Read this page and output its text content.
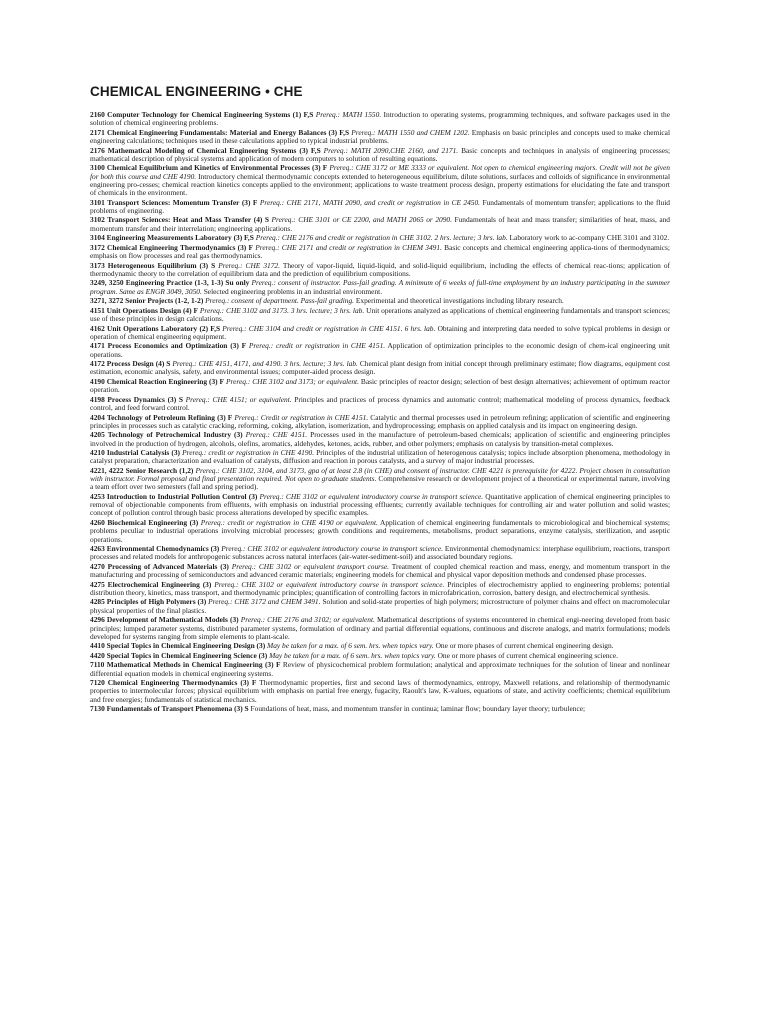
CHEMICAL ENGINEERING • CHE

2160 Computer Technology for Chemical Engineering Systems (1) F,S Prereq.: MATH 1550. Introduction to operating systems, programming techniques, and software packages used in the solution of chemical engineering problems.

2171 Chemical Engineering Fundamentals: Material and Energy Balances (3) F,S Prereq.: MATH 1550 and CHEM 1202. Emphasis on basic principles and concepts used to make chemical engineering calculations; techniques used in these calculations applied to typical industrial problems.

2176 Mathematical Modeling of Chemical Engineering Systems (3) F,S Prereq.: MATH 2090,CHE 2160, and 2171. Basic concepts and techniques in analysis of engineering processes; mathematical description of physical systems and application of modern computers to solution of resulting equations.

3100 Chemical Equilibrium and Kinetics of Environmental Processes (3) F Prereq.: CHE 3172 or ME 3333 or equivalent. Not open to chemical engineering majors. Credit will not be given for both this course and CHE 4190. Introductory chemical thermodynamic concepts extended to heterogeneous equilibrium, dilute solutions, surfaces and colloids of significance in environmental engineering pro-cesses; chemical reaction kinetics concepts applied to the environment; applications to waste treatment process design, property estimations for elucidating the fate and transport of chemicals in the environment.

3101 Transport Sciences: Momentum Transfer (3) F Prereq.: CHE 2171, MATH 2090, and credit or registration in CE 2450. Fundamentals of momentum transfer; applications to the fluid problems of engineering.

3102 Transport Sciences: Heat and Mass Transfer (4) S Prereq.: CHE 3101 or CE 2200, and MATH 2065 or 2090. Fundamentals of heat and mass transfer; similarities of heat, mass, and momentum transfer and their interrelation; engineering applications.

3104 Engineering Measurements Laboratory (3) F,S Prereq.: CHE 2176 and credit or registration in CHE 3102. 2 hrs. lecture; 3 hrs. lab. Laboratory work to ac-company CHE 3101 and 3102.

3172 Chemical Engineering Thermodynamics (3) F Prereq.: CHE 2171 and credit or registration in CHEM 3491. Basic concepts and chemical engineering applica-tions of thermodynamics; emphasis on flow processes and real gas thermodynamics.

3173 Heterogeneous Equilibrium (3) S Prereq.: CHE 3172. Theory of vapor-liquid, liquid-liquid, and solid-liquid equilibrium, including the effects of chemical reac-tions; application of thermodynamic theory to the correlation of equilibrium data and the prediction of equilibrium compositions.

3249, 3250 Engineering Practice (1-3, 1-3) Su only Prereq.: consent of instructor. Pass-fail grading. A minimum of 6 weeks of full-time employment by an industry participating in the summer program. Same as ENGR 3049, 3050. Selected engineering problems in an industrial environment.

3271, 3272 Senior Projects (1-2, 1-2) Prereq.: consent of department. Pass-fail grading. Experimental and theoretical investigations including library research.

4151 Unit Operations Design (4) F Prereq.: CHE 3102 and 3173. 3 hrs. lecture; 3 hrs. lab. Unit operations analyzed as applications of chemical engineering fundamentals and transport sciences; use of these principles in design calculations.

4162 Unit Operations Laboratory (2) F,S Prereq.: CHE 3104 and credit or registration in CHE 4151. 6 hrs. lab. Obtaining and interpreting data needed to solve typical problems in design or operation of chemical engineering equipment.

4171 Process Economics and Optimization (3) F Prereq.: credit or registration in CHE 4151. Application of optimization principles to the economic design of chem-ical engineering unit operations.

4172 Process Design (4) S Prereq.: CHE 4151, 4171, and 4190. 3 hrs. lecture; 3 hrs. lab. Chemical plant design from initial concept through preliminary estimate; flow diagrams, equipment cost estimation, economic analysis, safety, and environmental issues; computer-aided process design.

4190 Chemical Reaction Engineering (3) F Prereq.: CHE 3102 and 3173; or equivalent. Basic principles of reactor design; selection of best design alternatives; achievement of optimum reactor operation.

4198 Process Dynamics (3) S Prereq.: CHE 4151; or equivalent. Principles and practices of process dynamics and automatic control; mathematical modeling of process dynamics, feedback control, and feed forward control.

4204 Technology of Petroleum Refining (3) F Prereq.: Credit or registration in CHE 4151. Catalytic and thermal processes used in petroleum refining; application of scientific and engineering principles in processes such as catalytic cracking, reforming, coking, alkylation, isomerization, and hydroprocessing; emphasis on applied catalysis and its impact on engineering design.

4205 Technology of Petrochemical Industry (3) Prereq.: CHE 4151. Processes used in the manufacture of petroleum-based chemicals; application of scientific and engineering principles involved in the production of hydrogen, alcohols, olefins, aromatics, aldehydes, ketones, acids, rubber, and other polymers; emphasis on catalysis by transition-metal complexes.

4210 Industrial Catalysis (3) Prereq.: credit or registration in CHE 4190. Principles of the industrial utilization of heterogenous catalysis; topics include absorption phenomena, methodology in catalyst preparation, characterization and evaluation of catalysts, diffusion and reaction in porous catalysts, and a survey of major industrial processes.

4221, 4222 Senior Research (1,2) Prereq.: CHE 3102, 3104, and 3173, gpa of at least 2.8 (in CHE) and consent of instructor. CHE 4221 is prerequisite for 4222. Project chosen in consultation with instructor. Formal proposal and final presentation required. Not open to graduate students. Comprehensive research or development project of a theoretical or experimental nature, involving a team effort over two semesters (fall and spring period).

4253 Introduction to Industrial Pollution Control (3) Prereq.: CHE 3102 or equivalent introductory course in transport science. Quantitative application of chemical engineering principles to removal of objectionable components from effluents, with emphasis on industrial processing effluents; currently available techniques for controlling air and water pollution and solid wastes; concept of pollution control through basic process alterations developed by specific examples.

4260 Biochemical Engineering (3) Prereq.: credit or registration in CHE 4190 or equivalent. Application of chemical engineering fundamentals to microbiological and biochemical systems; problems peculiar to industrial operations involving microbial processes; growth conditions and requirements, metabolisms, product separations, enzyme catalysis, sterilization, and aseptic operations.

4263 Environmental Chemodynamics (3) Prereq.: CHE 3102 or equivalent introductory course in transport science. Environmental chemodynamics: interphase equilibrium, reactions, transport processes and related models for anthropogenic substances across natural interfaces (air-water-sediment-soil) and associated boundary regions.

4270 Processing of Advanced Materials (3) Prereq.: CHE 3102 or equivalent transport course. Treatment of coupled chemical reaction and mass, energy, and momentum transport in the manufacturing and processing of semiconductors and advanced ceramic materials; engineering models for chemical and physical vapor deposition methods and condensed phase processes.

4275 Electrochemical Engineering (3) Prereq.: CHE 3102 or equivalent introductory course in transport science. Principles of electrochemistry applied to engineering problems; potential distribution theory, kinetics, mass transport, and thermodynamic principles; quantification of controlling factors in microfabrication, corrosion, battery design, and electrochemical synthesis.

4285 Principles of High Polymers (3) Prereq.: CHE 3172 and CHEM 3491. Solution and solid-state properties of high polymers; microstructure of polymer chains and effect on macromolecular physical properties of the final plastics.

4296 Development of Mathematical Models (3) Prereq.: CHE 2176 and 3102; or equivalent. Mathematical descriptions of systems encountered in chemical engi-neering developed from basic principles; lumped parameter systems, distributed parameter systems, formulation of ordinary and partial differential equations, continuous and discrete analogs, and matrix formulations; models developed for systems ranging from simple elements to plant-scale.

4410 Special Topics in Chemical Engineering Design (3) May be taken for a max. of 6 sem. hrs. when topics vary. One or more phases of current chemical engineering design.

4420 Special Topics in Chemical Engineering Science (3) May be taken for a max. of 6 sem. hrs. when topics vary. One or more phases of current chemical engineering science.

7110 Mathematical Methods in Chemical Engineering (3) F Review of physicochemical problem formulation; analytical and approximate techniques for the solution of linear and nonlinear differential equation models in chemical engineering systems.

7120 Chemical Engineering Thermodynamics (3) F Thermodynamic properties, first and second laws of thermodynamics, entropy, Maxwell relations, and relationship of thermodynamic properties to intermolecular forces; physical equilibrium with emphasis on partial free energy, fugacity, Raoult's law, K-values, equations of state, and activity coefficients; chemical equilibrium and free energies; fundamentals of statistical mechanics.

7130 Fundamentals of Transport Phenomena (3) S Foundations of heat, mass, and momentum transfer in continua; laminar flow; boundary layer theory; turbulence;
